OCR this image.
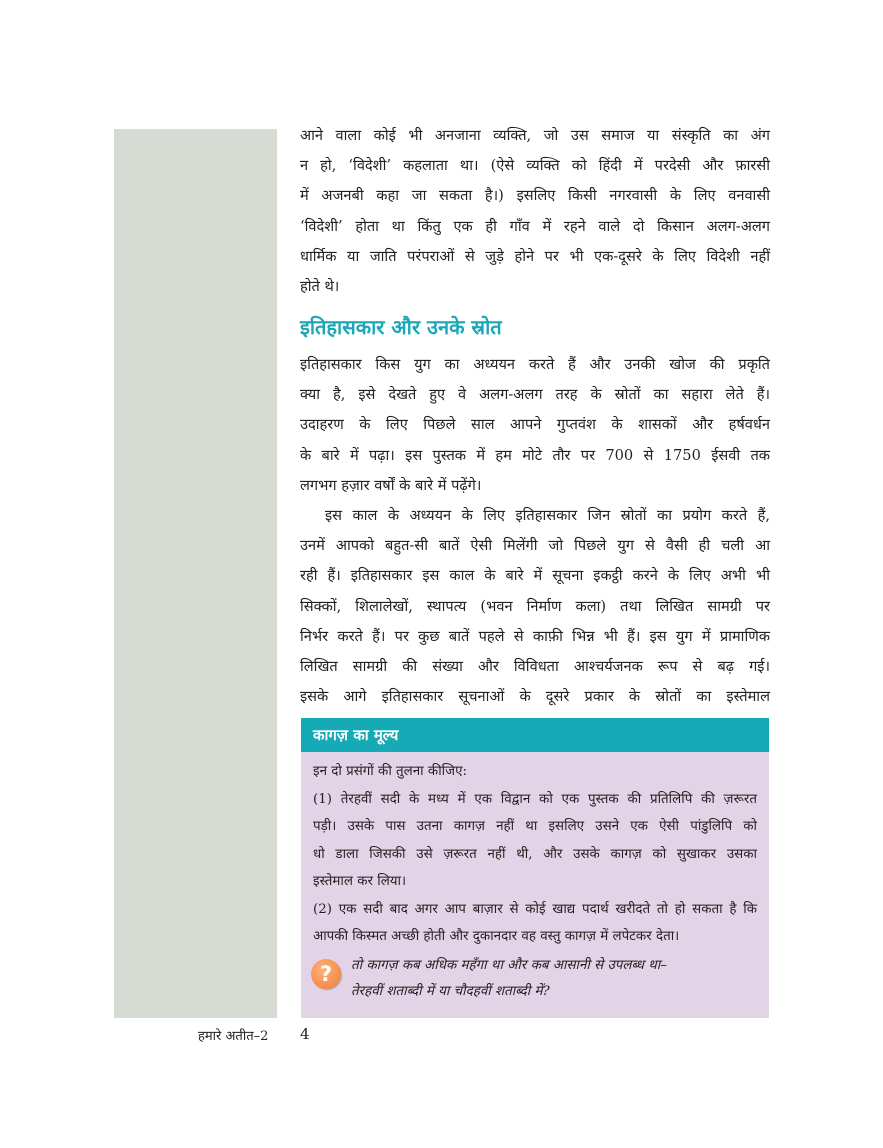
आने वाला कोई भी अनजाना व्यक्ति, जो उस समाज या संस्कृति का अंग

न हो, ‘विदेशी’ कहलाता था। (ऐसे व्यक्ति को हिंदी में परदेसी और फ़ारसी

में अजनबी कहा जा सकता है।) इसलिए किसी नगरवासी के लिए वनवासी

‘विदेशी’ होता था किंतु एक ही गाँव में रहने वाले दो किसान अलग-अलग

धार्मिक या जाति परंपराओं से जुड़े होने पर भी एक-दूसरे के लिए विदेशी नहीं

होते थे।

इतिहासकार और उनके स्रोत

इतिहासकार किस युग का अध्ययन करते हैं और उनकी खोज की प्रकृति

क्या है, इसे देखते हुए वे अलग-अलग तरह के स्रोतों का सहारा लेते हैं।

उदाहरण के लिए पिछले साल आपने गुप्तवंश के शासकों और हर्षवर्धन

के बारे में पढ़ा। इस पुस्तक में हम मोटे तौर पर 700 से 1750 ईसवी तक

लगभग हज़ार वर्षों के बारे में पढ़ेंगे।

इस काल के अध्ययन के लिए इतिहासकार जिन स्रोतों का प्रयोग करते हैं,

उनमें आपको बहुत-सी बातें ऐसी मिलेंगी जो पिछले युग से वैसी ही चली आ

रही हैं। इतिहासकार इस काल के बारे में सूचना इकट्ठी करने के लिए अभी भी

सिक्कों, शिलालेखों, स्थापत्य (भवन निर्माण कला) तथा लिखित सामग्री पर

निर्भर करते हैं। पर कुछ बातें पहले से काफ़ी भिन्न भी हैं। इस युग में प्रामाणिक

लिखित सामग्री की संख्या और विविधता आश्चर्यजनक रूप से बढ़ गई।

इसके आगे इतिहासकार सूचनाओं के दूसरे प्रकार के स्रोतों का इस्तेमाल

कागज़ का मूल्य

इन दो प्रसंगों की तुलना कीजिए:

(1) तेरहवीं सदी के मध्य में एक विद्वान को एक पुस्तक की प्रतिलिपि की ज़रूरत

पड़ी। उसके पास उतना कागज़ नहीं था इसलिए उसने एक ऐसी पांडुलिपि को

धो डाला जिसकी उसे ज़रूरत नहीं थी, और उसके कागज़ को सुखाकर उसका

इस्तेमाल कर लिया।

(2) एक सदी बाद अगर आप बाज़ार से कोई खाद्य पदार्थ खरीदते तो हो सकता है कि

आपकी किस्मत अच्छी होती और दुकानदार वह वस्तु कागज़ में लपेटकर देता।

?	तो कागज़ कब अधिक महँगा था और कब आसानी से उपलब्ध था–
तेरहवीं शताब्दी में या चौदहवीं शताब्दी में?
हमारे अतीत–2 4
